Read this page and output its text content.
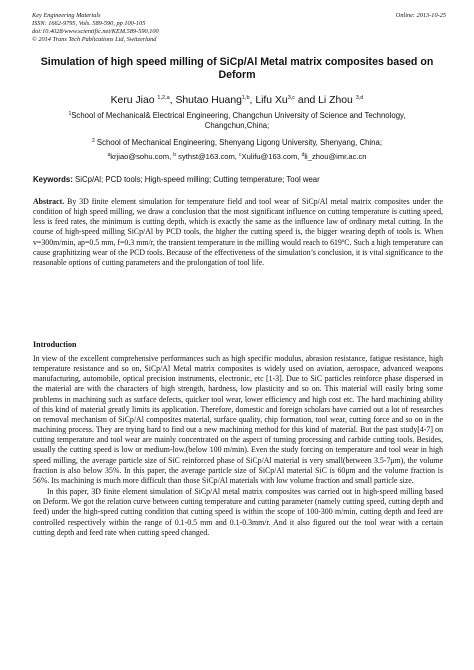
Key Engineering Materials
ISSN: 1662-9795, Vols. 589-590, pp 100-105
doi:10.4028/www.scientific.net/KEM.589-590.100
© 2014 Trans Tech Publications Ltd, Switzerland
Online: 2013-10-25
Simulation of high speed milling of SiCp/Al Metal matrix composites based on Deform
Keru Jiao $^{1,2,a}$, Shutao Huang$^{1,b}$, Lifu Xu$^{3,c}$ and Li Zhou $^{3,d}$
$^1$School of Mechanical& Electrical Engineering, Changchun University of Science and Technology, Changchun,China;
$^2$ School of Mechanical Engineering, Shenyang Ligong University, Shenyang, China;
$^a$krjiao@sohu.com, $^b$ sythst@163.com, $^c$Xulifu@163.com, $^d$li_zhou@imr.ac.cn
Keywords: SiCp/Al; PCD tools; High-speed milling; Cutting temperature; Tool wear
Abstract. By 3D finite element simulation for temperature field and tool wear of SiCp/Al metal matrix composites under the condition of high speed milling, we draw a conclusion that the most significant influence on cutting temperature is cutting speed, less is feed rates, the minimum is cutting depth, which is exactly the same as the influence law of ordinary metal cutting. In the course of high-speed milling SiCp/Al by PCD tools, the higher the cutting speed is, the bigger wearing depth of tools is. When v=300m/min, ap=0.5 mm, f=0.3 mm/r, the transient temperature in the milling would reach to 619ºC. Such a high temperature can cause graphitizing wear of the PCD tools. Because of the effectiveness of the simulation’s conclusion, it is vital significance to the reasonable options of cutting parameters and the prolongation of tool life.
Introduction

In view of the excellent comprehensive performances such as high specific modulus, abrasion resistance, fatigue resistance, high temperature resistance and so on, SiCp/Al Metal matrix composites is widely used on aviation, aerospace, advanced weapons manufacturing, automobile, optical precision instruments, electronic, etc [1-3]. Due to SiC particles reinforce phase dispersed in the material are with the characters of high strength, hardness, low plasticity and so on. This material will easily bring some problems in machining such as surface defects, quicker tool wear, lower efficiency and high cost etc. The hard machining ability of this kind of material greatly limits its application. Therefore, domestic and foreign scholars have carried out a lot of researches on removal mechanism of SiCp/Al composites material, surface quality, chip formation, tool wear, cutting force and so on in the machining process. They are trying hard to find out a new machining method for this kind of material. But the past study[4-7] on cutting temperature and tool wear are mainly concentrated on the aspect of turning processing and carbide cutting tools. Besides, usually the cutting speed is low or medium-low.(below 100 m/min). Even the study forcing on temperature and tool wear in high speed milling, the average particle size of SiC reinforced phase of SiCp/Al material is very small(between 3.5-7μm), the volume fraction is also below 35%. In this paper, the average particle size of SiCp/Al material SiC is 60μm and the volume fraction is 56%. Its machining is much more difficult than those SiCp/Al materials with low volume fraction and small particle size.

In this paper, 3D finite element simulation of SiCp/Al metal matrix composites was carried out in high-speed milling based on Deform. We got the relation curve between cutting temperature and cutting parameter (namely cutting speed, cutting depth and feed) under the high-speed cutting condition that cutting speed is within the scope of 100-300 m/min, cutting depth and feed are controlled respectively within the range of 0.1-0.5 mm and 0.1-0.3mm/r. And it also figured out the tool wear with a certain cutting depth and feed rate when cutting speed changed.
